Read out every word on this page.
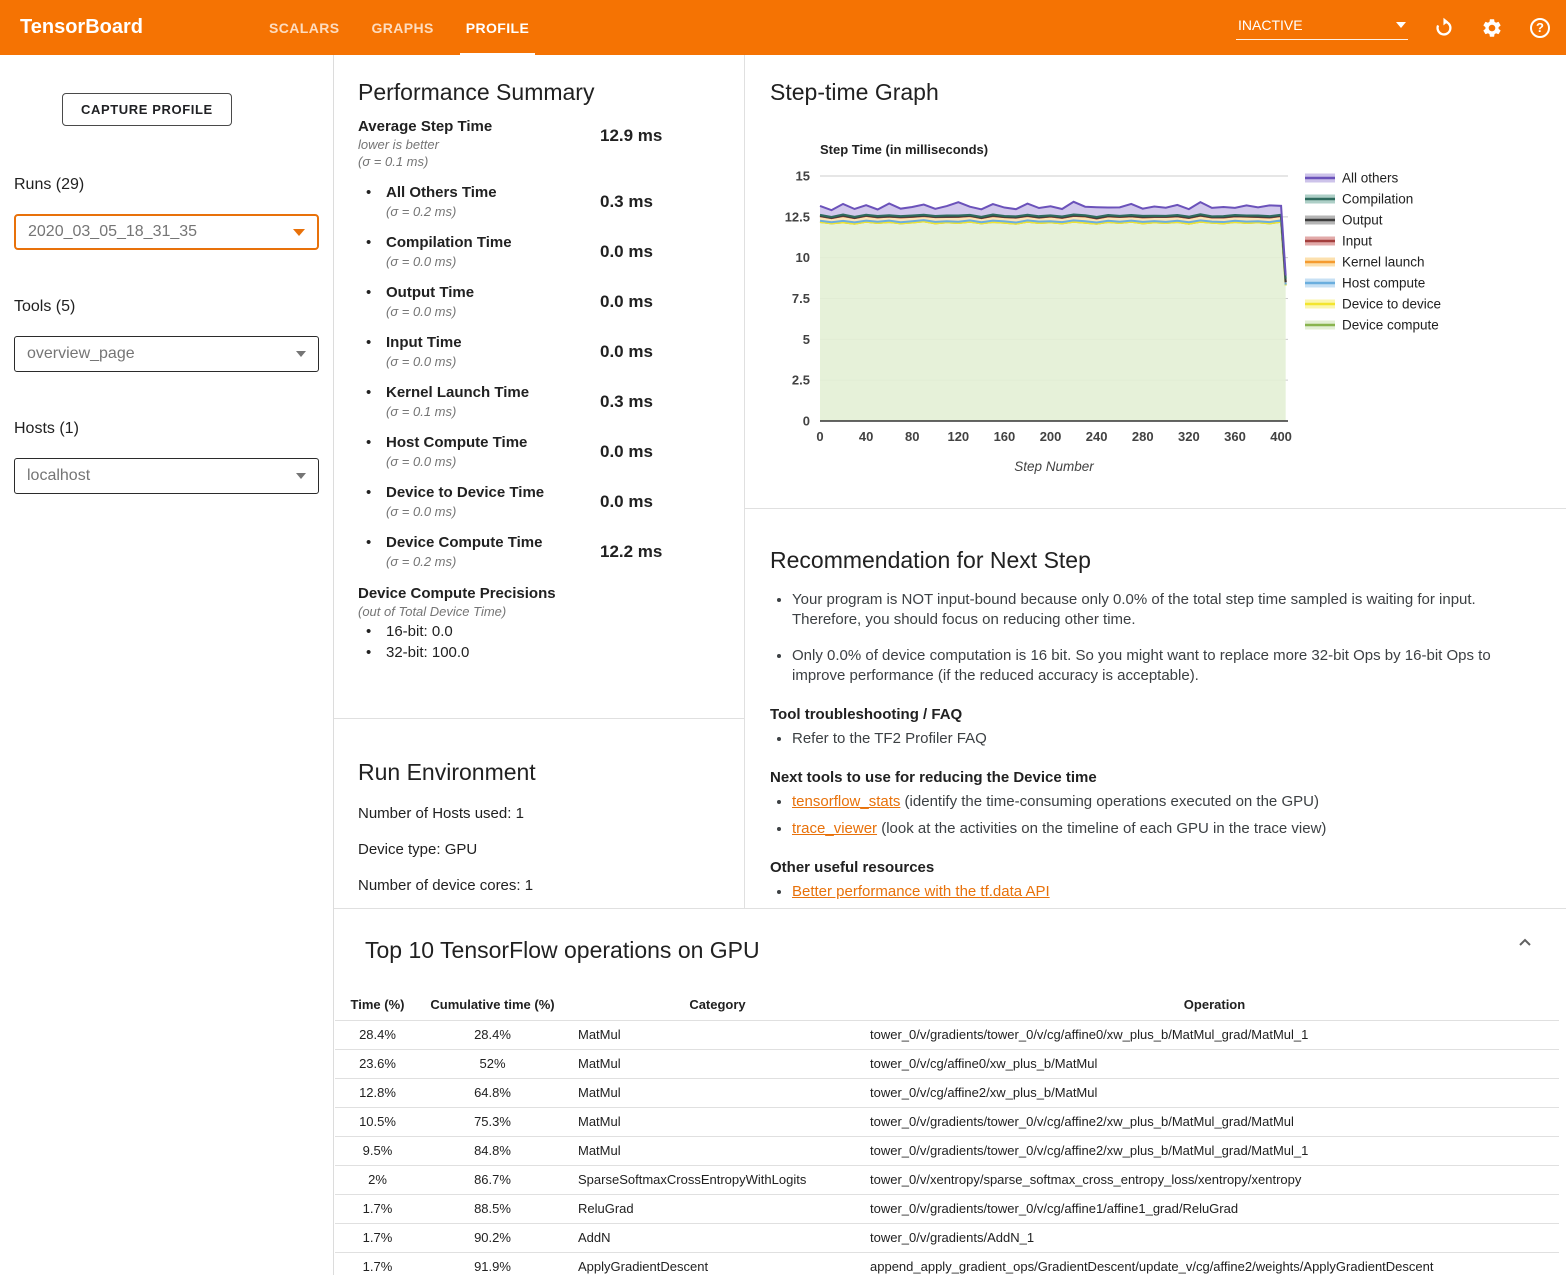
TensorBoard	SCALARS	GRAPHS	PROFILE	INACTIVE	?
CAPTURE PROFILE
Runs (29)
2020_03_05_18_31_35
Tools (5)
overview_page
Hosts (1)
localhost
Performance Summary
Average Step Time
lower is better
(σ = 0.1 ms)
12.9 ms
• All Others Time
(σ = 0.2 ms)
0.3 ms
• Compilation Time
(σ = 0.0 ms)
0.0 ms
• Output Time
(σ = 0.0 ms)
0.0 ms
• Input Time
(σ = 0.0 ms)
0.0 ms
• Kernel Launch Time
(σ = 0.1 ms)
0.3 ms
• Host Compute Time
(σ = 0.0 ms)
0.0 ms
• Device to Device Time
(σ = 0.0 ms)
0.0 ms
• Device Compute Time
(σ = 0.2 ms)
12.2 ms
Device Compute Precisions
(out of Total Device Time)
• 16-bit: 0.0
• 32-bit: 100.0
Run Environment

Number of Hosts used: 1

Device type: GPU

Number of device cores: 1

Step-time Graph
Step Time (in milliseconds)
0
2.5
5
7.5
10
12.5
15
0	40 80 120 160 200 240 280 320 360 400
Step Number
All others
Compilation
Output
Input
Kernel launch
Host compute
Device to device
Device compute
Recommendation for Next Step
• Your program is NOT input-bound because only 0.0% of the total step time sampled is waiting for input. Therefore, you should focus on reducing other time.
• Only 0.0% of device computation is 16 bit. So you might want to replace more 32-bit Ops by 16-bit Ops to improve performance (if the reduced accuracy is acceptable).
Tool troubleshooting / FAQ
• Refer to the TF2 Profiler FAQ
Next tools to use for reducing the Device time
• tensorflow_stats (identify the time-consuming operations executed on the GPU)
• trace_viewer (look at the activities on the timeline of each GPU in the trace view)
Other useful resources
• Better performance with the tf.data API
Top 10 TensorFlow operations on GPU
Time (%)	Cumulative time (%)	Category	Operation
28.4%	28.4%	MatMul	tower_0/v/gradients/tower_0/v/cg/affine0/xw_plus_b/MatMul_grad/MatMul_1
23.6%	52%	MatMul	tower_0/v/cg/affine0/xw_plus_b/MatMul
12.8%	64.8%	MatMul	tower_0/v/cg/affine2/xw_plus_b/MatMul
10.5%	75.3%	MatMul	tower_0/v/gradients/tower_0/v/cg/affine2/xw_plus_b/MatMul_grad/MatMul
9.5%	84.8%	MatMul	tower_0/v/gradients/tower_0/v/cg/affine2/xw_plus_b/MatMul_grad/MatMul_1
2%	86.7%	SparseSoftmaxCrossEntropyWithLogits	tower_0/v/xentropy/sparse_softmax_cross_entropy_loss/xentropy/xentropy
1.7%	88.5%	ReluGrad	tower_0/v/gradients/tower_0/v/cg/affine1/affine1_grad/ReluGrad
1.7%	90.2%	AddN	tower_0/v/gradients/AddN_1
1.7%	91.9%	ApplyGradientDescent	append_apply_gradient_ops/GradientDescent/update_v/cg/affine2/weights/ApplyGradientDescent
